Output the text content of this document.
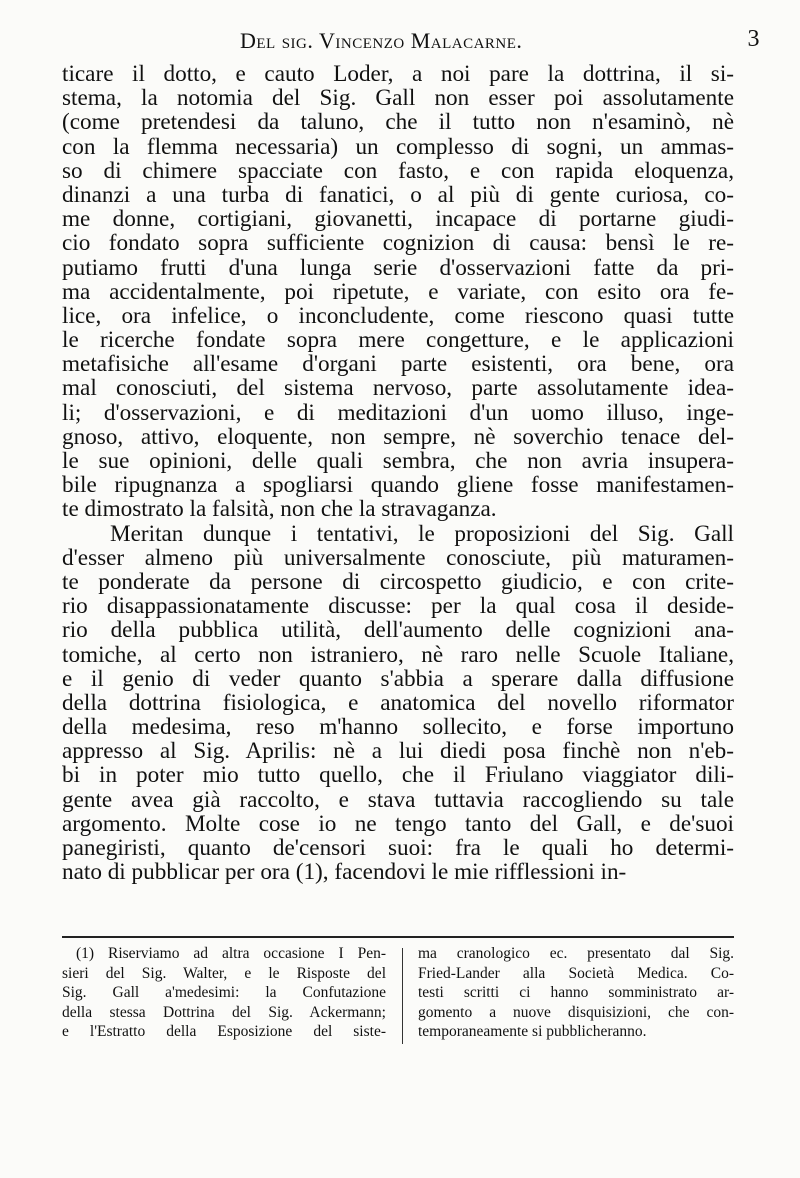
Del sig. Vincenzo Malacarne.	3
ticare il dotto, e cauto Loder, a noi pare la dottrina, il si-
stema, la notomia del Sig. Gall non esser poi assolutamente
(come pretendesi da taluno, che il tutto non n'esaminò, nè
con la flemma necessaria) un complesso di sogni, un ammas-
so di chimere spacciate con fasto, e con rapida eloquenza,
dinanzi a una turba di fanatici, o al più di gente curiosa, co-
me donne, cortigiani, giovanetti, incapace di portarne giudi-
cio fondato sopra sufficiente cognizion di causa: bensì le re-
putiamo frutti d'una lunga serie d'osservazioni fatte da pri-
ma accidentalmente, poi ripetute, e variate, con esito ora fe-
lice, ora infelice, o inconcludente, come riescono quasi tutte
le ricerche fondate sopra mere congetture, e le applicazioni
metafisiche all'esame d'organi parte esistenti, ora bene, ora
mal conosciuti, del sistema nervoso, parte assolutamente idea-
li; d'osservazioni, e di meditazioni d'un uomo illuso, inge-
gnoso, attivo, eloquente, non sempre, nè soverchio tenace del-
le sue opinioni, delle quali sembra, che non avria insupera-
bile ripugnanza a spogliarsi quando gliene fosse manifestamen-
te dimostrato la falsità, non che la stravaganza.
Meritan dunque i tentativi, le proposizioni del Sig. Gall
d'esser almeno più universalmente conosciute, più maturamen-
te ponderate da persone di circospetto giudicio, e con crite-
rio disappassionatamente discusse: per la qual cosa il deside-
rio della pubblica utilità, dell'aumento delle cognizioni ana-
tomiche, al certo non istraniero, nè raro nelle Scuole Italiane,
e il genio di veder quanto s'abbia a sperare dalla diffusione
della dottrina fisiologica, e anatomica del novello riformator
della medesima, reso m'hanno sollecito, e forse importuno
appresso al Sig. Aprilis: nè a lui diedi posa finchè non n'eb-
bi in poter mio tutto quello, che il Friulano viaggiator dili-
gente avea già raccolto, e stava tuttavia raccogliendo su tale
argomento. Molte cose io ne tengo tanto del Gall, e de'suoi
panegiristi, quanto de'censori suoi: fra le quali ho determi-
nato di pubblicar per ora (1), facendovi le mie rifflessioni in-
(1) Riserviamo ad altra occasione I Pen-
sieri del Sig. Walter, e le Risposte del
Sig. Gall a'medesimi: la Confutazione
della stessa Dottrina del Sig. Ackermann;
e l'Estratto della Esposizione del siste-
ma cranologico ec. presentato dal Sig.
Fried-Lander alla Società Medica. Co-
testi scritti ci hanno somministrato ar-
gomento a nuove disquisizioni, che con-
temporaneamente si pubblicheranno.
